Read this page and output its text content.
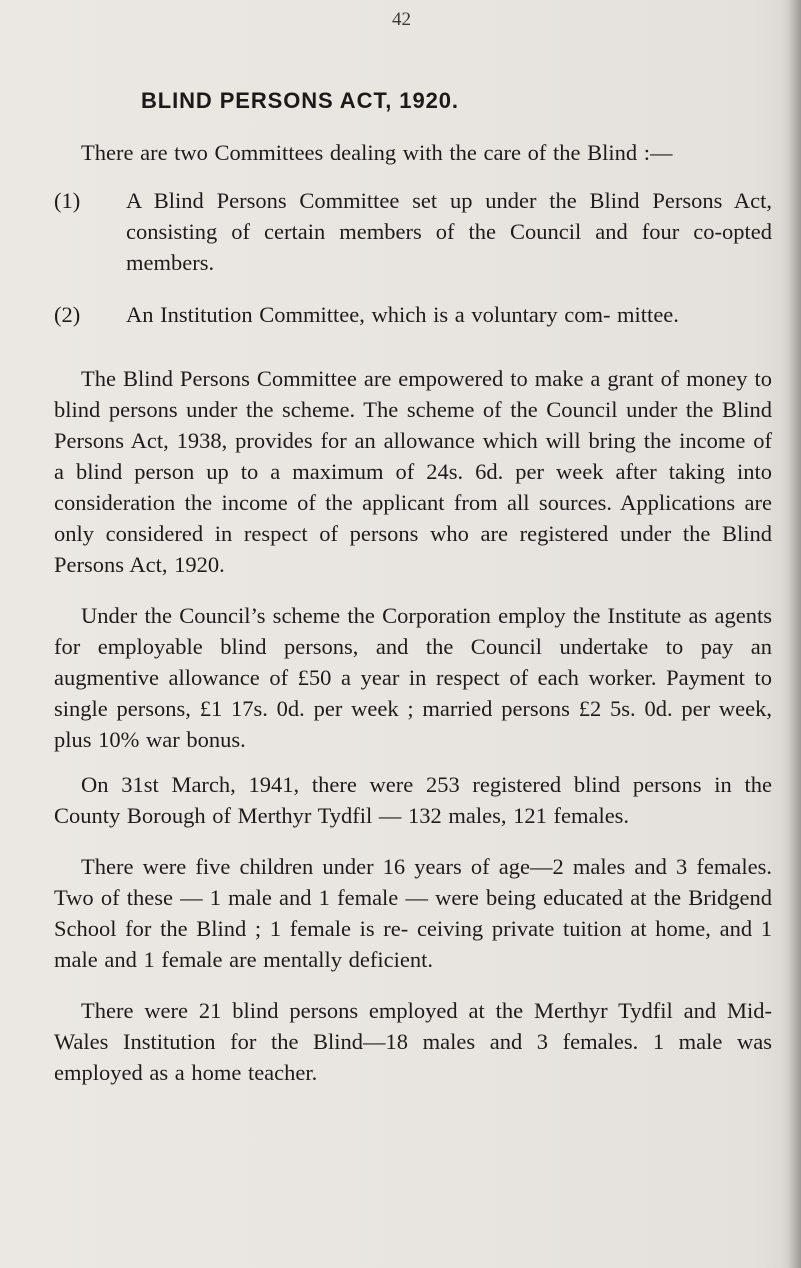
42
BLIND PERSONS ACT, 1920.

There are two Committees dealing with the care of the Blind :—

(1)	A Blind Persons Committee set up under the Blind Persons Act, consisting of certain members of the Council and four co-opted members.
(2)	An Institution Committee, which is a voluntary com- mittee.

The Blind Persons Committee are empowered to make a grant of money to blind persons under the scheme. The scheme of the Council under the Blind Persons Act, 1938, provides for an allowance which will bring the income of a blind person up to a maximum of 24s. 6d. per week after taking into consideration the income of the applicant from all sources. Applications are only considered in respect of persons who are registered under the Blind Persons Act, 1920.

Under the Council’s scheme the Corporation employ the Institute as agents for employable blind persons, and the Council undertake to pay an augmentive allowance of £50 a year in respect of each worker. Payment to single persons, £1 17s. 0d. per week ; married persons £2 5s. 0d. per week, plus 10% war bonus.

On 31st March, 1941, there were 253 registered blind persons in the County Borough of Merthyr Tydfil — 132 males, 121 females.

There were five children under 16 years of age—2 males and 3 females. Two of these — 1 male and 1 female — were being educated at the Bridgend School for the Blind ; 1 female is re- ceiving private tuition at home, and 1 male and 1 female are mentally deficient.

There were 21 blind persons employed at the Merthyr Tydfil and Mid-Wales Institution for the Blind—18 males and 3 females. 1 male was employed as a home teacher.
